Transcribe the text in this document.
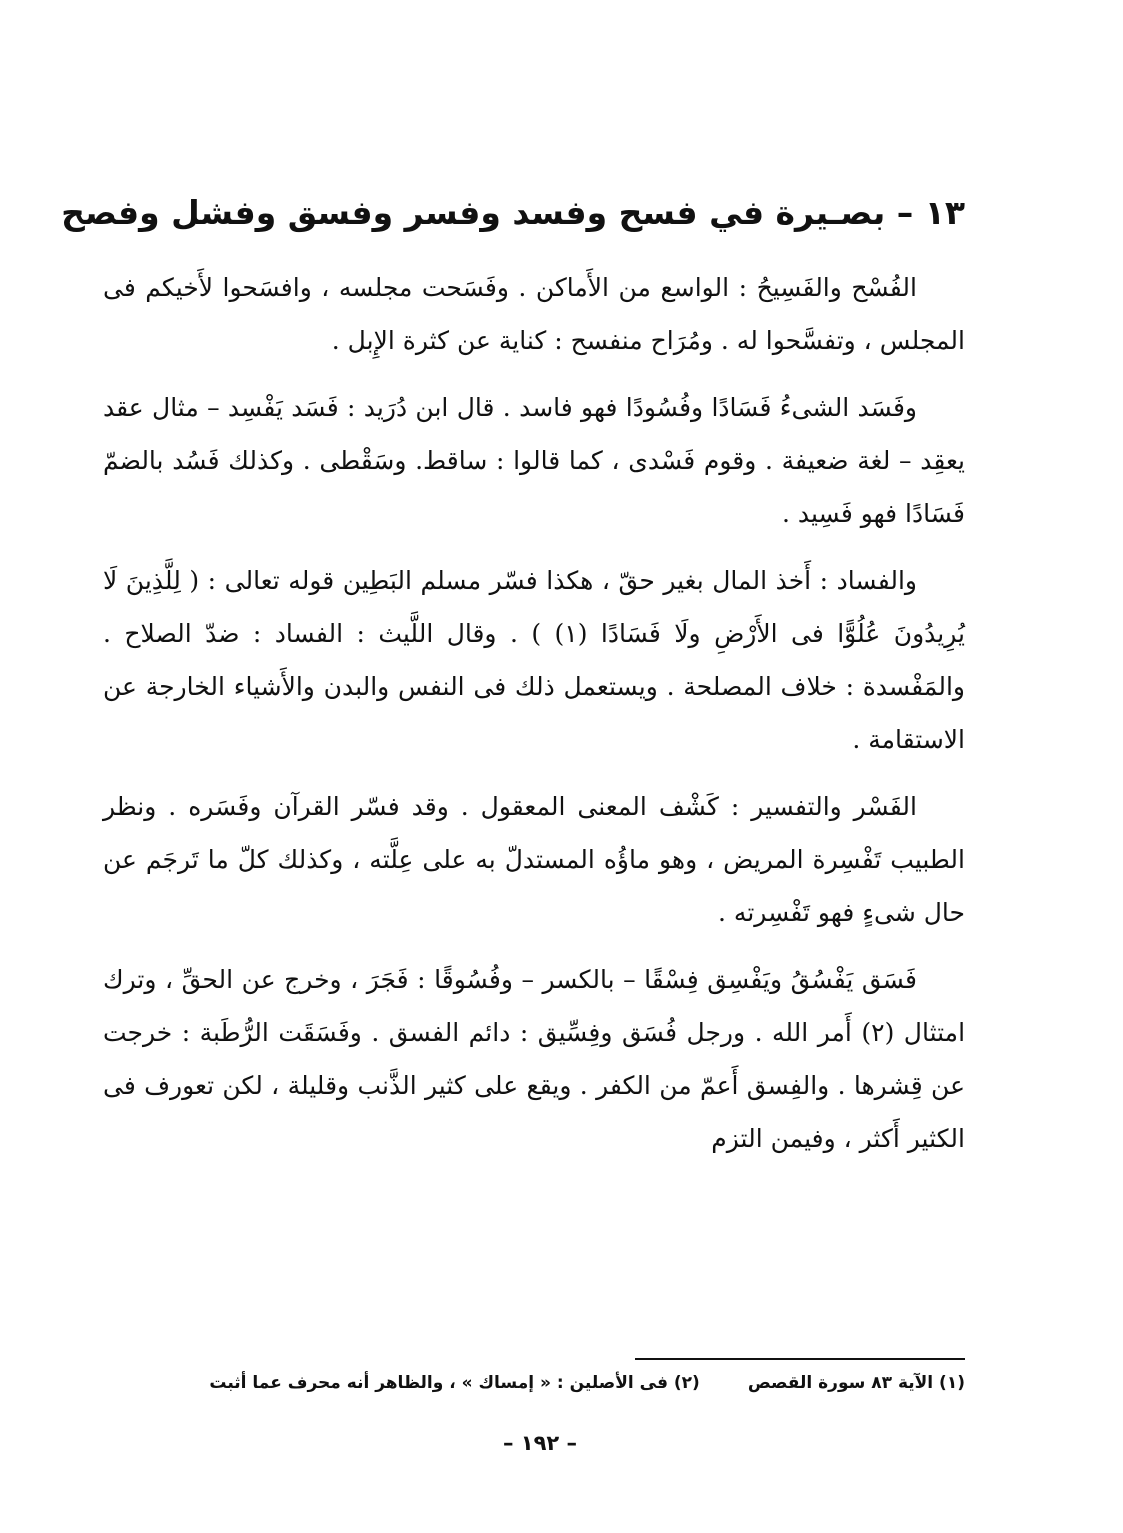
١٣ – بصـيرة في فسح وفسد وفسر وفسق وفشل وفصح

الفُسْح والفَسِيحُ : الواسع من الأَماكن . وفَسَحت مجلسه ، وافسَحوا لأَخيكم فى المجلس ، وتفسَّحوا له . ومُرَاح منفسح : كناية عن كثرة الإِبل .

وفَسَد الشىءُ فَسَادًا وفُسُودًا فهو فاسد . قال ابن دُرَيد : فَسَد يَفْسِد – مثال عقد يعقِد – لغة ضعيفة . وقوم فَسْدى ، كما قالوا : ساقط. وسَقْطى . وكذلك فَسُد بالضمّ فَسَادًا فهو فَسِيد .

والفساد : أَخذ المال بغير حقّ ، هكذا فسّر مسلم البَطِين قوله تعالى : ( لِلَّذِينَ لَا يُرِيدُونَ عُلُوًّا فى الأَرْضِ ولَا فَسَادًا (١) ) . وقال اللَّيث : الفساد : ضدّ الصلاح . والمَفْسدة : خلاف المصلحة . ويستعمل ذلك فى النفس والبدن والأَشياء الخارجة عن الاستقامة .

الفَسْر والتفسير : كَشْف المعنى المعقول . وقد فسّر القرآن وفَسَره . ونظر الطبيب تَفْسِرة المريض ، وهو ماؤُه المستدلّ به على عِلَّته ، وكذلك كلّ ما تَرجَم عن حال شىءٍ فهو تَفْسِرته .

فَسَق يَفْسُقُ ويَفْسِق فِسْقًا – بالكسر – وفُسُوقًا : فَجَرَ ، وخرج عن الحقِّ ، وترك امتثال (٢) أَمر الله . ورجل فُسَق وفِسِّيق : دائم الفسق . وفَسَقَت الرُّطَبة : خرجت عن قِشرها . والفِسق أَعمّ من الكفر . ويقع على كثير الذَّنب وقليلة ، لكن تعورف فى الكثير أَكثر ، وفيمن التزم

(١) الآية ٨٣ سورة القصص
(٢) فى الأصلين : « إمساك » ، والظاهر أنه محرف عما أثبت
– ١٩٢ –
